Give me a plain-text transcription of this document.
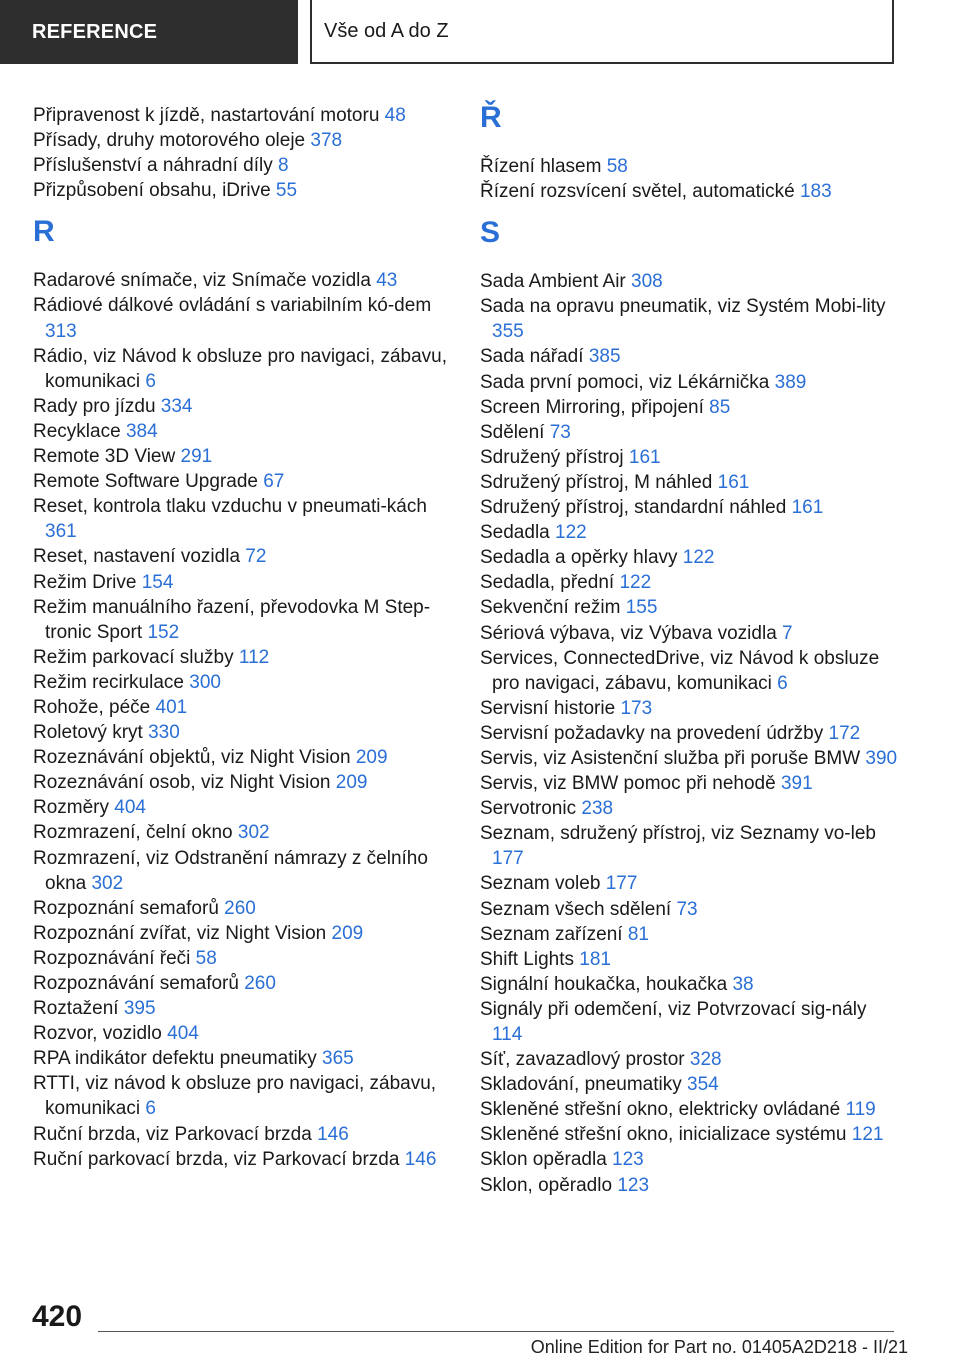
REFERENCE	Vše od A do Z
Připravenost k jízdě, nastartování motoru 48
Přísady, druhy motorového oleje 378
Příslušenství a náhradní díly 8
Přizpůsobení obsahu, iDrive 55
R
Radarové snímače, viz Snímače vozidla 43
Rádiové dálkové ovládání s variabilním kó-dem 313
Rádio, viz Návod k obsluze pro navigaci, zábavu, komunikaci 6
Rady pro jízdu 334
Recyklace 384
Remote 3D View 291
Remote Software Upgrade 67
Reset, kontrola tlaku vzduchu v pneumati-kách 361
Reset, nastavení vozidla 72
Režim Drive 154
Režim manuálního řazení, převodovka M Step-tronic Sport 152
Režim parkovací služby 112
Režim recirkulace 300
Rohože, péče 401
Roletový kryt 330
Rozeznávání objektů, viz Night Vision 209
Rozeznávání osob, viz Night Vision 209
Rozměry 404
Rozmrazení, čelní okno 302
Rozmrazení, viz Odstranění námrazy z čelního okna 302
Rozpoznání semaforů 260
Rozpoznání zvířat, viz Night Vision 209
Rozpoznávání řeči 58
Rozpoznávání semaforů 260
Roztažení 395
Rozvor, vozidlo 404
RPA indikátor defektu pneumatiky 365
RTTI, viz návod k obsluze pro navigaci, zábavu, komunikaci 6
Ruční brzda, viz Parkovací brzda 146
Ruční parkovací brzda, viz Parkovací brzda 146
Ř
Řízení hlasem 58
Řízení rozsvícení světel, automatické 183
S
Sada Ambient Air 308
Sada na opravu pneumatik, viz Systém Mobi-lity 355
Sada nářadí 385
Sada první pomoci, viz Lékárnička 389
Screen Mirroring, připojení 85
Sdělení 73
Sdružený přístroj 161
Sdružený přístroj, M náhled 161
Sdružený přístroj, standardní náhled 161
Sedadla 122
Sedadla a opěrky hlavy 122
Sedadla, přední 122
Sekvenční režim 155
Sériová výbava, viz Výbava vozidla 7
Services, ConnectedDrive, viz Návod k obsluze pro navigaci, zábavu, komunikaci 6
Servisní historie 173
Servisní požadavky na provedení údržby 172
Servis, viz Asistenční služba při poruše BMW 390
Servis, viz BMW pomoc při nehodě 391
Servotronic 238
Seznam, sdružený přístroj, viz Seznamy vo-leb 177
Seznam voleb 177
Seznam všech sdělení 73
Seznam zařízení 81
Shift Lights 181
Signální houkačka, houkačka 38
Signály při odemčení, viz Potvrzovací sig-nály 114
Síť, zavazadlový prostor 328
Skladování, pneumatiky 354
Skleněné střešní okno, elektricky ovládané 119
Skleněné střešní okno, inicializace systému 121
Sklon opěradla 123
Sklon, opěradlo 123
420
Online Edition for Part no. 01405A2D218 - II/21
